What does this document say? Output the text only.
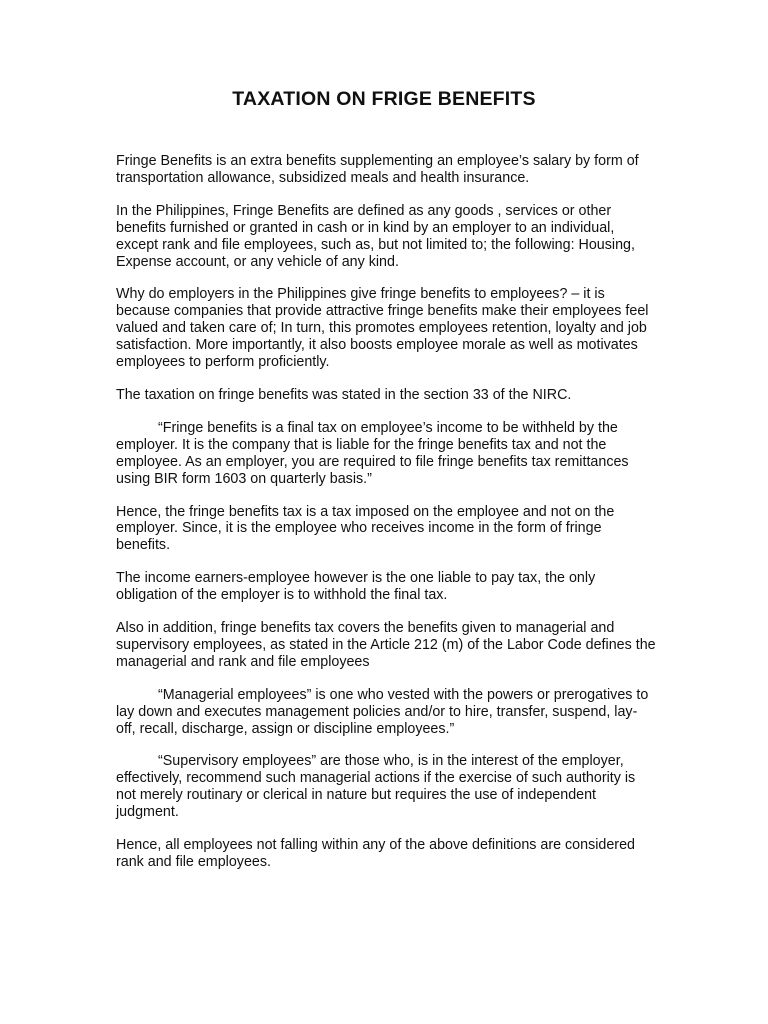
TAXATION ON FRIGE BENEFITS

Fringe Benefits is an extra benefits supplementing an employee’s salary by form of transportation allowance, subsidized meals and health insurance.

In the Philippines, Fringe Benefits are defined as any goods , services or other benefits furnished or granted in cash or in kind by an employer to an individual, except rank and file employees, such as, but not limited to; the following: Housing, Expense account, or any vehicle of any kind.

Why do employers in the Philippines give fringe benefits to employees? – it is because companies that provide attractive fringe benefits make their employees feel valued and taken care of; In turn, this promotes employees retention, loyalty and job satisfaction. More importantly, it also boosts employee morale as well as motivates employees to perform proficiently.

The taxation on fringe benefits was stated in the section 33 of the NIRC.

“Fringe benefits is a final tax on employee’s income to be withheld by the employer. It is the company that is liable for the fringe benefits tax and not the employee. As an employer, you are required to file fringe benefits tax remittances using BIR form 1603 on quarterly basis.”

Hence, the fringe benefits tax is a tax imposed on the employee and not on the employer. Since, it is the employee who receives income in the form of fringe benefits.

The income earners-employee however is the one liable to pay tax, the only obligation of the employer is to withhold the final tax.

Also in addition, fringe benefits tax covers the benefits given to managerial and supervisory employees, as stated in the Article 212 (m) of the Labor Code defines the managerial and rank and file employees

“Managerial employees” is one who vested with the powers or prerogatives to lay down and executes management policies and/or to hire, transfer, suspend, lay-off, recall, discharge, assign or discipline employees.”

“Supervisory employees” are those who, is in the interest of the employer, effectively, recommend such managerial actions if the exercise of such authority is not merely routinary or clerical in nature but requires the use of independent judgment.

Hence, all employees not falling within any of the above definitions are considered rank and file employees.
